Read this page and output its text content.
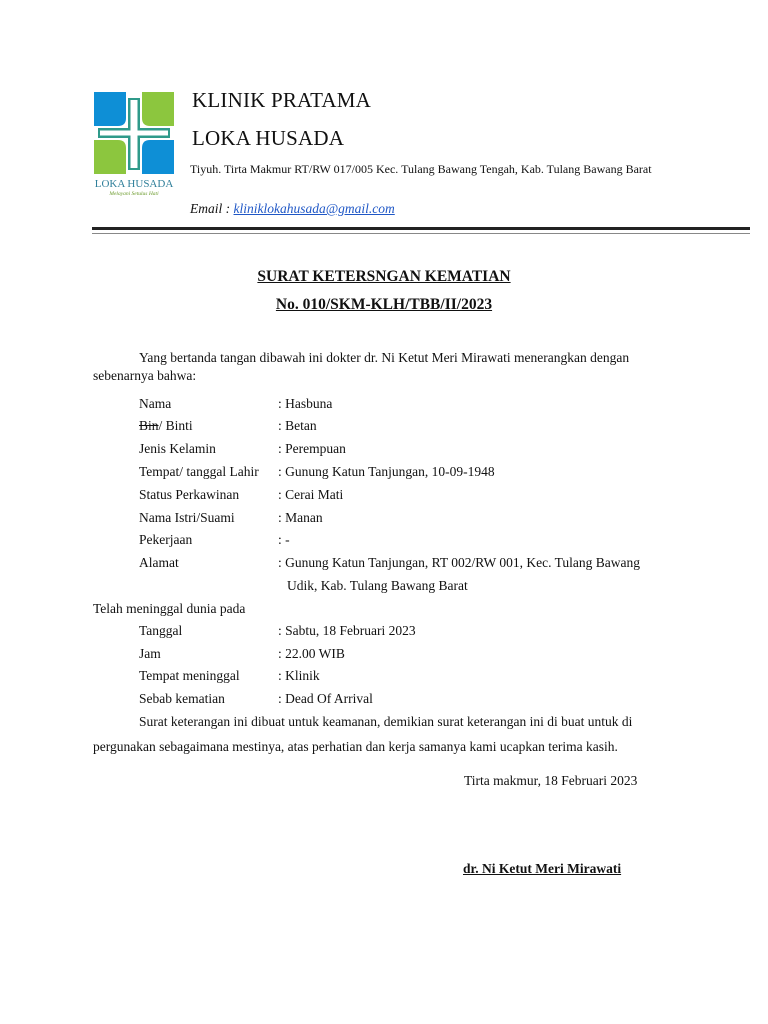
LOKA HUSADA
Melayani Setulus Hati
KLINIK PRATAMA
LOKA HUSADA
Tiyuh. Tirta Makmur RT/RW 017/005 Kec. Tulang Bawang Tengah, Kab. Tulang Bawang Barat
Email : kliniklokahusada@gmail.com
SURAT KETERSNGAN KEMATIAN
No. 010/SKM-KLH/TBB/II/2023
Yang bertanda tangan dibawah ini dokter dr. Ni Ketut Meri Mirawati menerangkan dengan
sebenarnya bahwa:
Nama	: Hasbuna
Bin/ Binti	: Betan
Jenis Kelamin	: Perempuan
Tempat/ tanggal Lahir : Gunung Katun Tanjungan, 10-09-1948
Status Perkawinan	: Cerai Mati
Nama Istri/Suami	: Manan
Pekerjaan	: -
Alamat	: Gunung Katun Tanjungan, RT 002/RW 001, Kec. Tulang Bawang
Udik, Kab. Tulang Bawang Barat
Telah meninggal dunia pada
Tanggal	: Sabtu, 18 Februari 2023
Jam	: 22.00 WIB
Tempat meninggal	: Klinik
Sebab kematian	: Dead Of Arrival
Surat keterangan ini dibuat untuk keamanan, demikian surat keterangan ini di buat untuk di
pergunakan sebagaimana mestinya, atas perhatian dan kerja samanya kami ucapkan terima kasih.
Tirta makmur, 18 Februari 2023
dr. Ni Ketut Meri Mirawati
